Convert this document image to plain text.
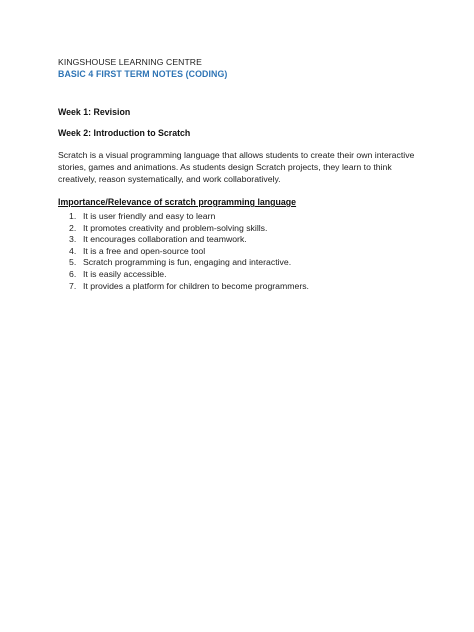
KINGSHOUSE LEARNING CENTRE
BASIC 4 FIRST TERM NOTES (CODING)
Week 1: Revision
Week 2: Introduction to Scratch

Scratch is a visual programming language that allows students to create their own interactive stories, games and animations. As students design Scratch projects, they learn to think creatively, reason systematically, and work collaboratively.

Importance/Relevance of scratch programming language
1. It is user friendly and easy to learn
2. It promotes creativity and problem-solving skills.
3. It encourages collaboration and teamwork.
4. It is a free and open-source tool
5. Scratch programming is fun, engaging and interactive.
6. It is easily accessible.
7. It provides a platform for children to become programmers.
